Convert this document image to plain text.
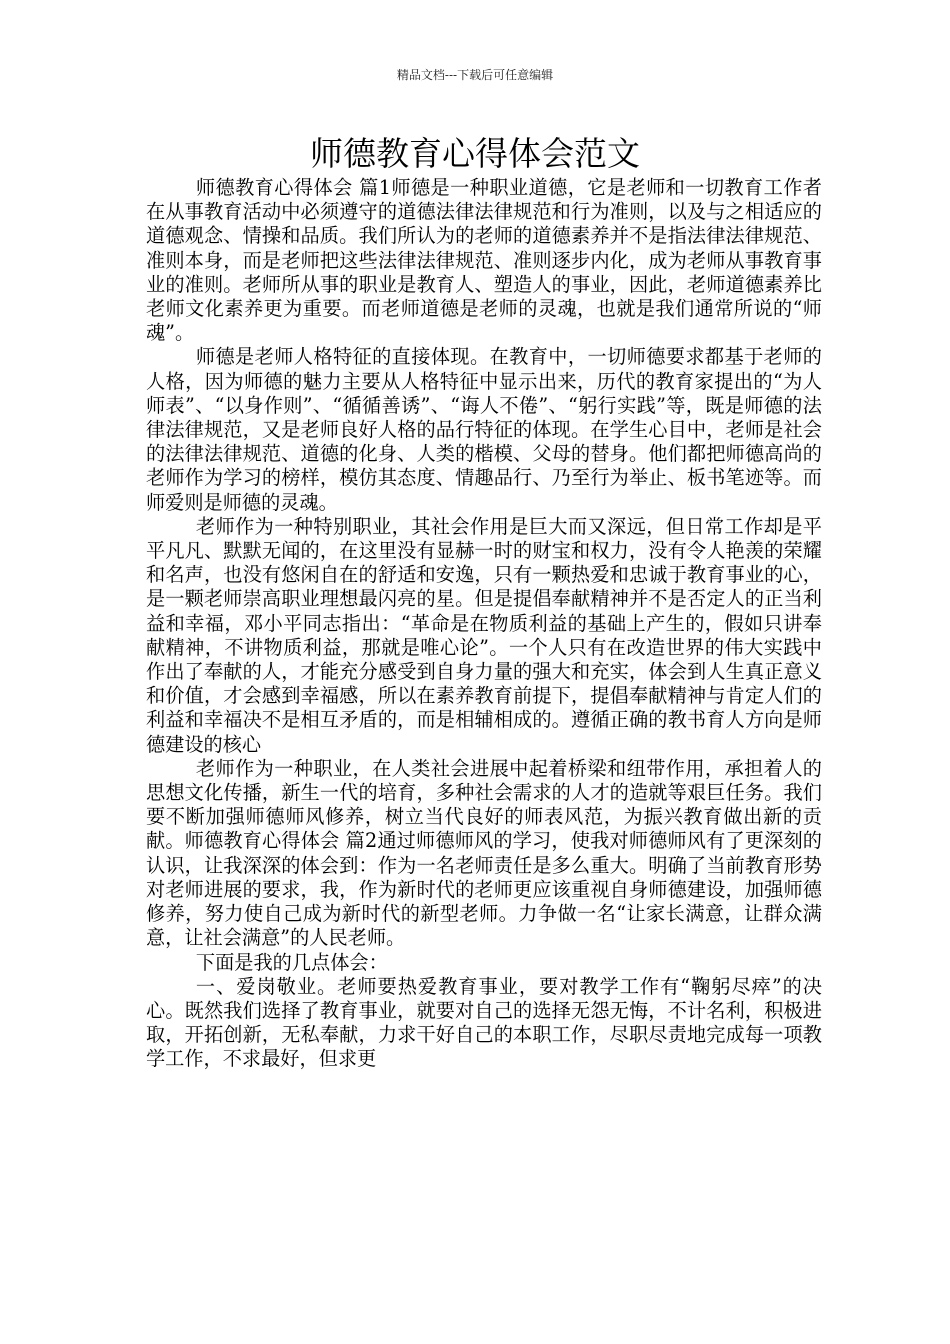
精品文档---下载后可任意编辑
师德教育心得体会范文

师德教育心得体会 篇1师德是一种职业道德，它是老师和一切教育工作者在从事教育活动中必须遵守的道德法律法律规范和行为准则，以及与之相适应的道德观念、情操和品质。我们所认为的老师的道德素养并不是指法律法律规范、准则本身，而是老师把这些法律法律规范、准则逐步内化，成为老师从事教育事业的准则。老师所从事的职业是教育人、塑造人的事业，因此，老师道德素养比老师文化素养更为重要。而老师道德是老师的灵魂，也就是我们通常所说的“师魂”。

师德是老师人格特征的直接体现。在教育中，一切师德要求都基于老师的人格，因为师德的魅力主要从人格特征中显示出来，历代的教育家提出的“为人师表”、“以身作则”、“循循善诱”、“诲人不倦”、“躬行实践”等，既是师德的法律法律规范，又是老师良好人格的品行特征的体现。在学生心目中，老师是社会的法律法律规范、道德的化身、人类的楷模、父母的替身。他们都把师德高尚的老师作为学习的榜样，模仿其态度、情趣品行、乃至行为举止、板书笔迹等。而师爱则是师德的灵魂。

老师作为一种特别职业，其社会作用是巨大而又深远，但日常工作却是平平凡凡、默默无闻的，在这里没有显赫一时的财宝和权力，没有令人艳羡的荣耀和名声，也没有悠闲自在的舒适和安逸，只有一颗热爱和忠诚于教育事业的心，是一颗老师崇高职业理想最闪亮的星。但是提倡奉献精神并不是否定人的正当利益和幸福，邓小平同志指出：“革命是在物质利益的基础上产生的，假如只讲奉献精神，不讲物质利益，那就是唯心论”。一个人只有在改造世界的伟大实践中作出了奉献的人，才能充分感受到自身力量的强大和充实，体会到人生真正意义和价值，才会感到幸福感，所以在素养教育前提下，提倡奉献精神与肯定人们的利益和幸福决不是相互矛盾的，而是相辅相成的。遵循正确的教书育人方向是师德建设的核心

老师作为一种职业，在人类社会进展中起着桥梁和纽带作用，承担着人的思想文化传播，新生一代的培育，多种社会需求的人才的造就等艰巨任务。我们要不断加强师德师风修养，树立当代良好的师表风范，为振兴教育做出新的贡献。师德教育心得体会 篇2通过师德师风的学习，使我对师德师风有了更深刻的认识，让我深深的体会到：作为一名老师责任是多么重大。明确了当前教育形势对老师进展的要求，我，作为新时代的老师更应该重视自身师德建设，加强师德修养，努力使自己成为新时代的新型老师。力争做一名“让家长满意，让群众满意，让社会满意”的人民老师。

下面是我的几点体会：

一、爱岗敬业。老师要热爱教育事业，要对教学工作有“鞠躬尽瘁”的决心。既然我们选择了教育事业，就要对自己的选择无怨无悔，不计名利，积极进取，开拓创新，无私奉献，力求干好自己的本职工作，尽职尽责地完成每一项教学工作，不求最好，但求更
